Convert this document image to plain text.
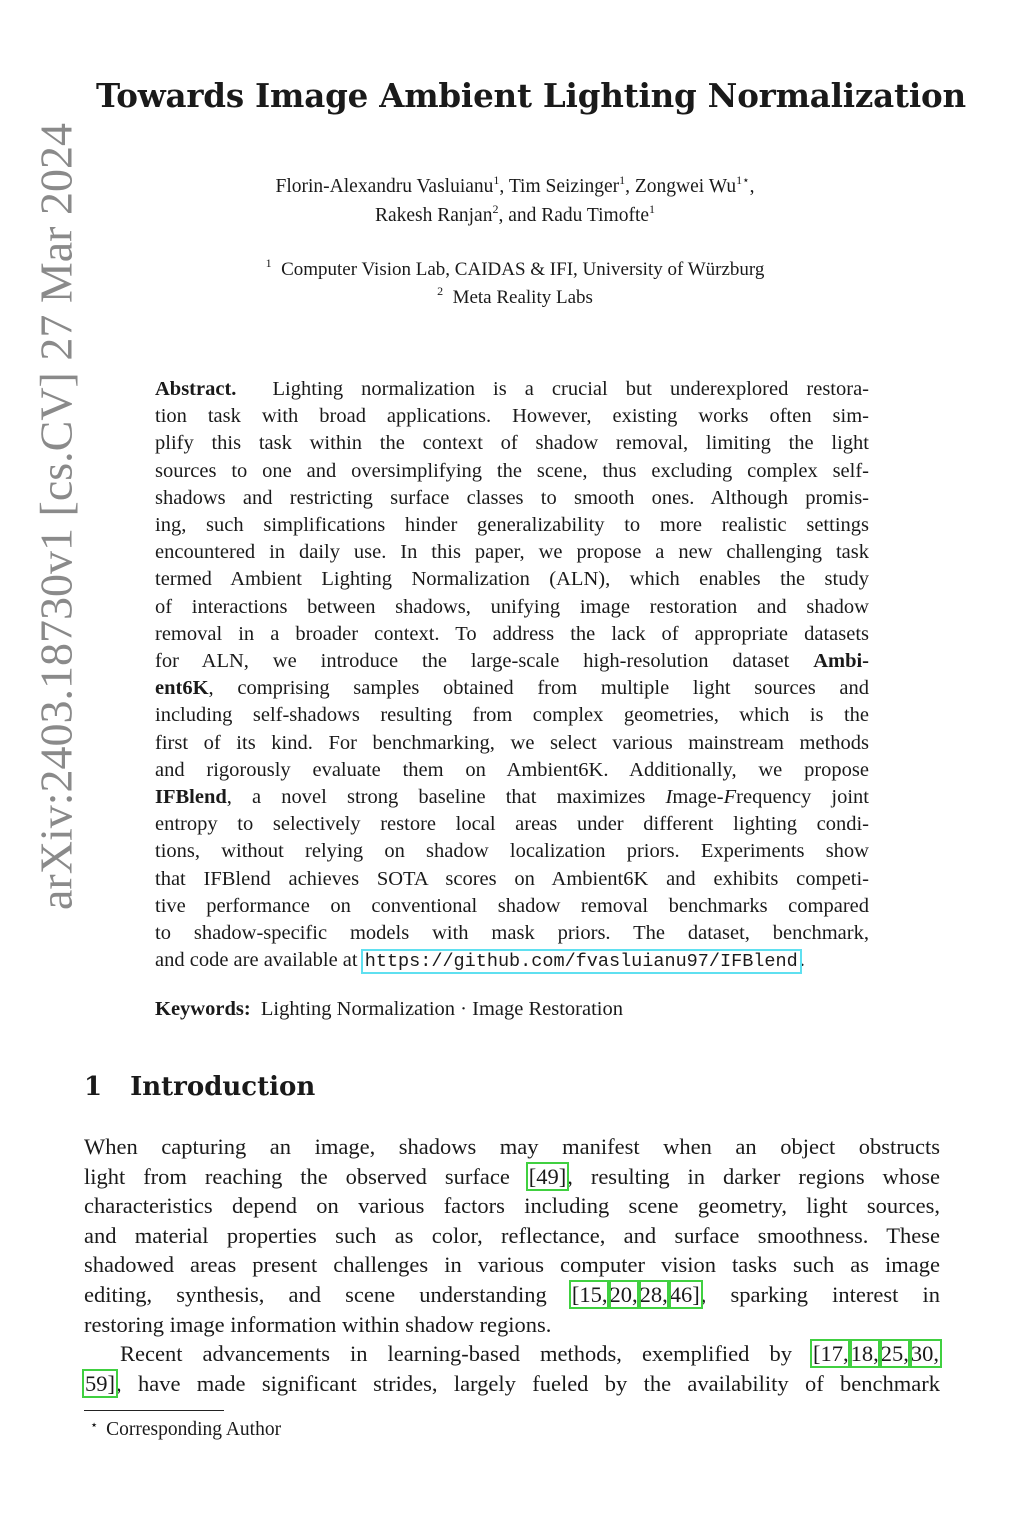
arXiv:2403.18730v1 [cs.CV] 27 Mar 2024
Towards Image Ambient Lighting Normalization
Florin-Alexandru Vasluianu$^1$, Tim Seizinger$^1$, Zongwei $Wu^{1⋆}$,
Rakesh Ranjan$^2$, and Radu Timofte$^1$
$^1$ Computer Vision Lab, CAIDAS & IFI, University of Würzburg
$^2$ Meta Reality Labs
Abstract. Lighting normalization is a crucial but underexplored restora-
tion task with broad applications. However, existing works often sim-
plify this task within the context of shadow removal, limiting the light
sources to one and oversimplifying the scene, thus excluding complex self-
shadows and restricting surface classes to smooth ones. Although promis-
ing, such simplifications hinder generalizability to more realistic settings
encountered in daily use. In this paper, we propose a new challenging task
termed Ambient Lighting Normalization (ALN), which enables the study
of interactions between shadows, unifying image restoration and shadow
removal in a broader context. To address the lack of appropriate datasets
for ALN, we introduce the large-scale high-resolution dataset Ambi-
ent6K, comprising samples obtained from multiple light sources and
including self-shadows resulting from complex geometries, which is the
first of its kind. For benchmarking, we select various mainstream methods
and rigorously evaluate them on Ambient6K. Additionally, we propose
IFBlend, a novel strong baseline that maximizes Image-Frequency joint
entropy to selectively restore local areas under different lighting condi-
tions, without relying on shadow localization priors. Experiments show
that IFBlend achieves SOTA scores on Ambient6K and exhibits competi-
tive performance on conventional shadow removal benchmarks compared
to shadow-specific models with mask priors. The dataset, benchmark,
and code are available at https://github.com/fvasluianu97/IFBlend.
Keywords: Lighting Normalization · Image Restoration
1 Introduction
When capturing an image, shadows may manifest when an object obstructs
light from reaching the observed surface [49], resulting in darker regions whose
characteristics depend on various factors including scene geometry, light sources,
and material properties such as color, reflectance, and surface smoothness. These
shadowed areas present challenges in various computer vision tasks such as image
editing, synthesis, and scene understanding [15,20,28,46], sparking interest in
restoring image information within shadow regions.
Recent advancements in learning-based methods, exemplified by [17,18,25,30,
59], have made significant strides, largely fueled by the availability of benchmark
⋆ Corresponding Author
